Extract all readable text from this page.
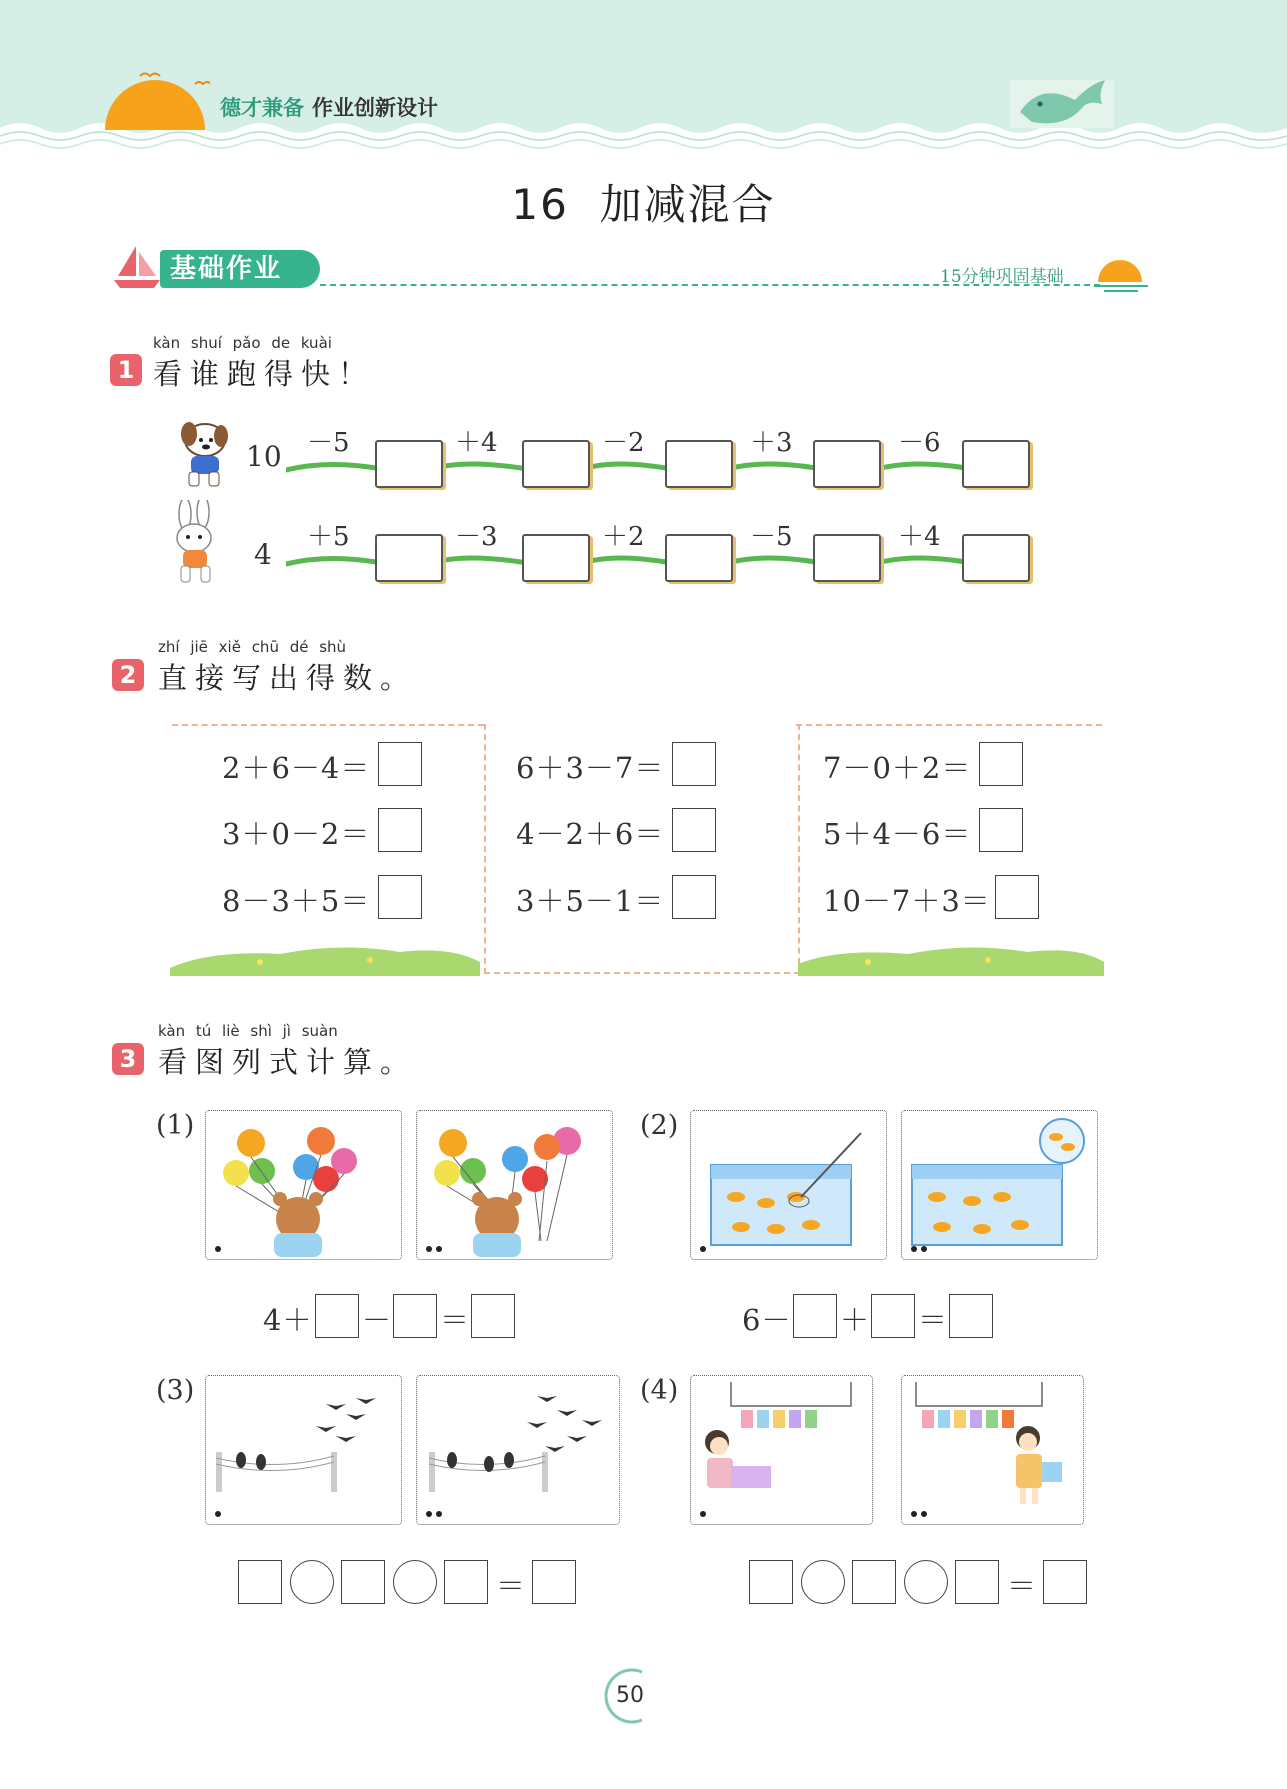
德才兼备 作业创新设计
16  加减混合
基础作业	15分钟巩固基础
kàn shuí pǎo de kuài
1 看谁跑得快！
10 －5	＋4	－2	＋3	－6
4
＋5	－3	＋2	－5	＋4
zhí jiē xiě chū dé shù
2 直接写出得数。
2＋6－4＝
3＋0－2＝
8－3＋5＝
6＋3－7＝
4－2＋6＝
3＋5－1＝
7－0＋2＝
5＋4－6＝
10－7＋3＝
kàn tú liè shì jì suàn
3 看图列式计算。
(1)	(2)
4＋ － ＝	6－ ＋ ＝
(3)	(4)
＝	＝
50
